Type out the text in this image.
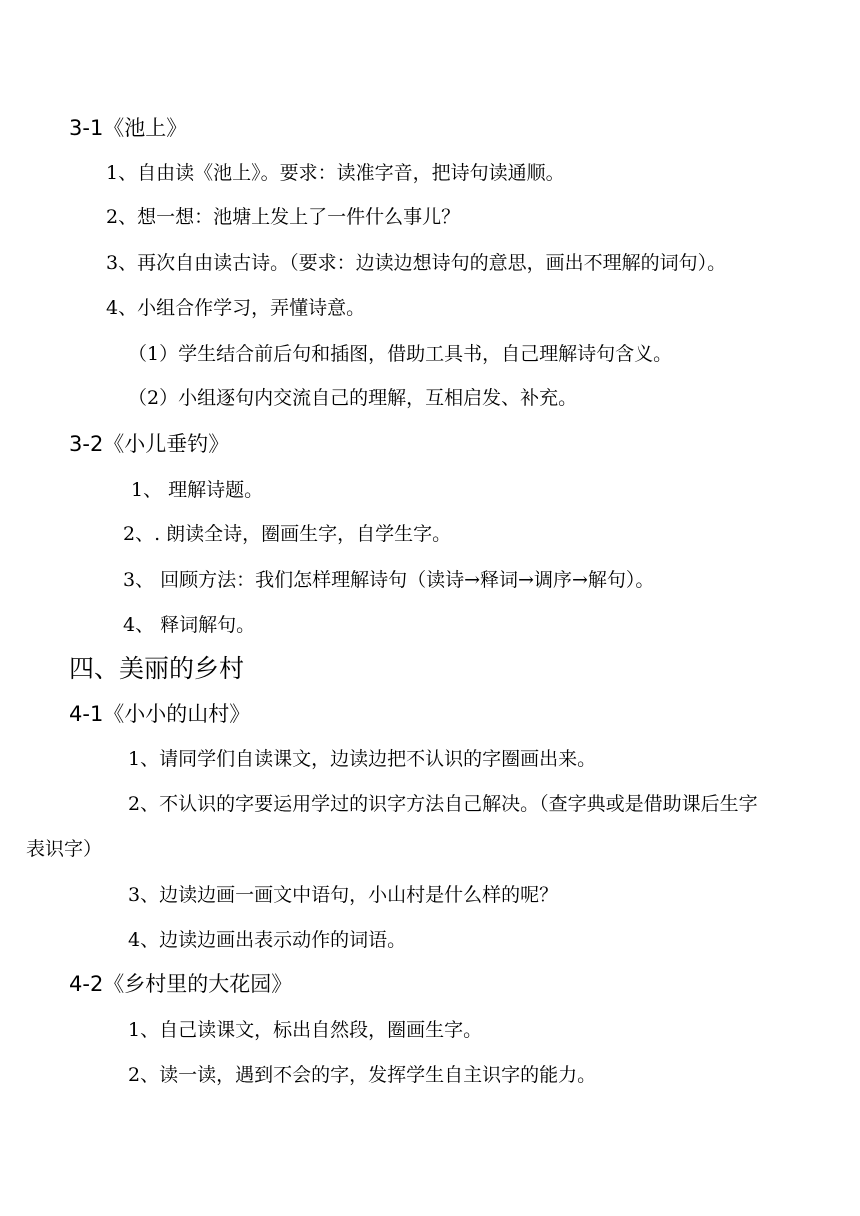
3-1《池上》
1、自由读《池上》。要求：读准字音，把诗句读通顺。
2、想一想：池塘上发上了一件什么事儿？
3、再次自由读古诗。（要求：边读边想诗句的意思，画出不理解的词句）。
4、小组合作学习，弄懂诗意。
（1）学生结合前后句和插图，借助工具书，自己理解诗句含义。
（2）小组逐句内交流自己的理解，互相启发、补充。
3-2《小儿垂钓》
1、 理解诗题。
2、. 朗读全诗，圈画生字，自学生字。
3、 回顾方法：我们怎样理解诗句（读诗→释词→调序→解句）。
4、 释词解句。
四、美丽的乡村
4-1《小小的山村》
1、请同学们自读课文，边读边把不认识的字圈画出来。
2、不认识的字要运用学过的识字方法自己解决。（查字典或是借助课后生字
表识字）
3、边读边画一画文中语句，小山村是什么样的呢？
4、边读边画出表示动作的词语。
4-2《乡村里的大花园》
1、自己读课文，标出自然段，圈画生字。
2、读一读，遇到不会的字，发挥学生自主识字的能力。
